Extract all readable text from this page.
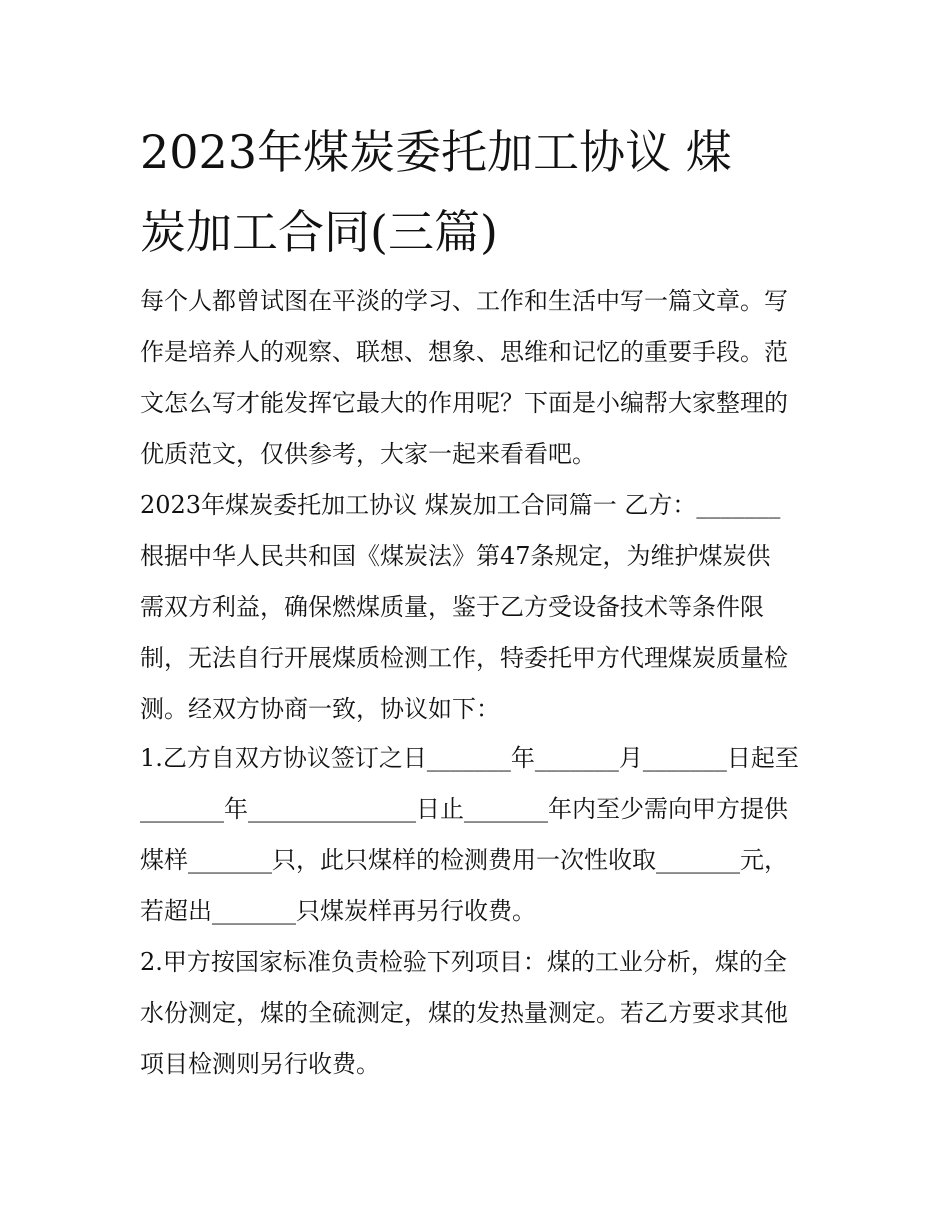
2023年煤炭委托加工协议 煤
炭加工合同(三篇)
每个人都曾试图在平淡的学习、工作和生活中写一篇文章。写
作是培养人的观察、联想、想象、思维和记忆的重要手段。范
文怎么写才能发挥它最大的作用呢？下面是小编帮大家整理的
优质范文，仅供参考，大家一起来看看吧。
2023年煤炭委托加工协议 煤炭加工合同篇一 乙方：_______
根据中华人民共和国《煤炭法》第47条规定，为维护煤炭供
需双方利益，确保燃煤质量，鉴于乙方受设备技术等条件限
制，无法自行开展煤质检测工作，特委托甲方代理煤炭质量检
测。经双方协商一致，协议如下：
1.乙方自双方协议签订之日_______年_______月_______日起至
_______年______________日止_______年内至少需向甲方提供
煤样_______只，此只煤样的检测费用一次性收取_______元，
若超出_______只煤炭样再另行收费。
2.甲方按国家标准负责检验下列项目：煤的工业分析，煤的全
水份测定，煤的全硫测定，煤的发热量测定。若乙方要求其他
项目检测则另行收费。
